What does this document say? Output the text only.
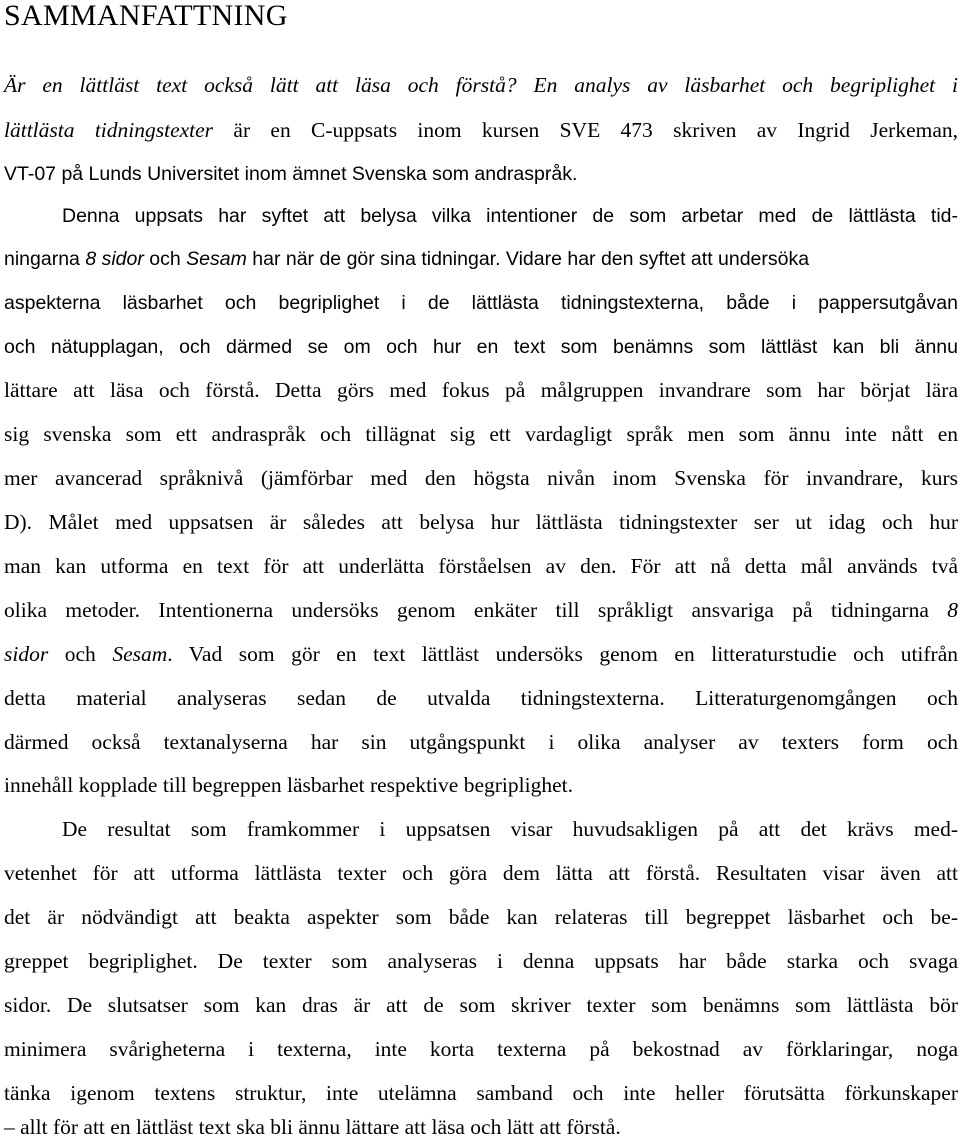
SAMMANFATTNING
Är en lättläst text också lätt att läsa och förstå? En analys av läsbarhet och begriplighet i
lättlästa tidningstexter är en C-uppsats inom kursen SVE 473 skriven av Ingrid Jerkeman,
VT-07 på Lunds Universitet inom ämnet Svenska som andraspråk.
Denna uppsats har syftet att belysa vilka intentioner de som arbetar med de lättlästa tid-
ningarna 8 sidor och Sesam har när de gör sina tidningar. Vidare har den syftet att undersöka
aspekterna läsbarhet och begriplighet i de lättlästa tidningstexterna, både i pappersutgåvan
och nätupplagan, och därmed se om och hur en text som benämns som lättläst kan bli ännu
lättare att läsa och förstå. Detta görs med fokus på målgruppen invandrare som har börjat lära
sig svenska som ett andraspråk och tillägnat sig ett vardagligt språk men som ännu inte nått en
mer avancerad språknivå (jämförbar med den högsta nivån inom Svenska för invandrare, kurs
D). Målet med uppsatsen är således att belysa hur lättlästa tidningstexter ser ut idag och hur
man kan utforma en text för att underlätta förståelsen av den. För att nå detta mål används två
olika metoder. Intentionerna undersöks genom enkäter till språkligt ansvariga på tidningarna 8
sidor och Sesam. Vad som gör en text lättläst undersöks genom en litteraturstudie och utifrån
detta material analyseras sedan de utvalda tidningstexterna. Litteraturgenomgången och
därmed också textanalyserna har sin utgångspunkt i olika analyser av texters form och
innehåll kopplade till begreppen läsbarhet respektive begriplighet.
De resultat som framkommer i uppsatsen visar huvudsakligen på att det krävs med-
vetenhet för att utforma lättlästa texter och göra dem lätta att förstå. Resultaten visar även att
det är nödvändigt att beakta aspekter som både kan relateras till begreppet läsbarhet och be-
greppet begriplighet. De texter som analyseras i denna uppsats har både starka och svaga
sidor. De slutsatser som kan dras är att de som skriver texter som benämns som lättlästa bör
minimera svårigheterna i texterna, inte korta texterna på bekostnad av förklaringar, noga
tänka igenom textens struktur, inte utelämna samband och inte heller förutsätta förkunskaper
– allt för att en lättläst text ska bli ännu lättare att läsa och lätt att förstå.
